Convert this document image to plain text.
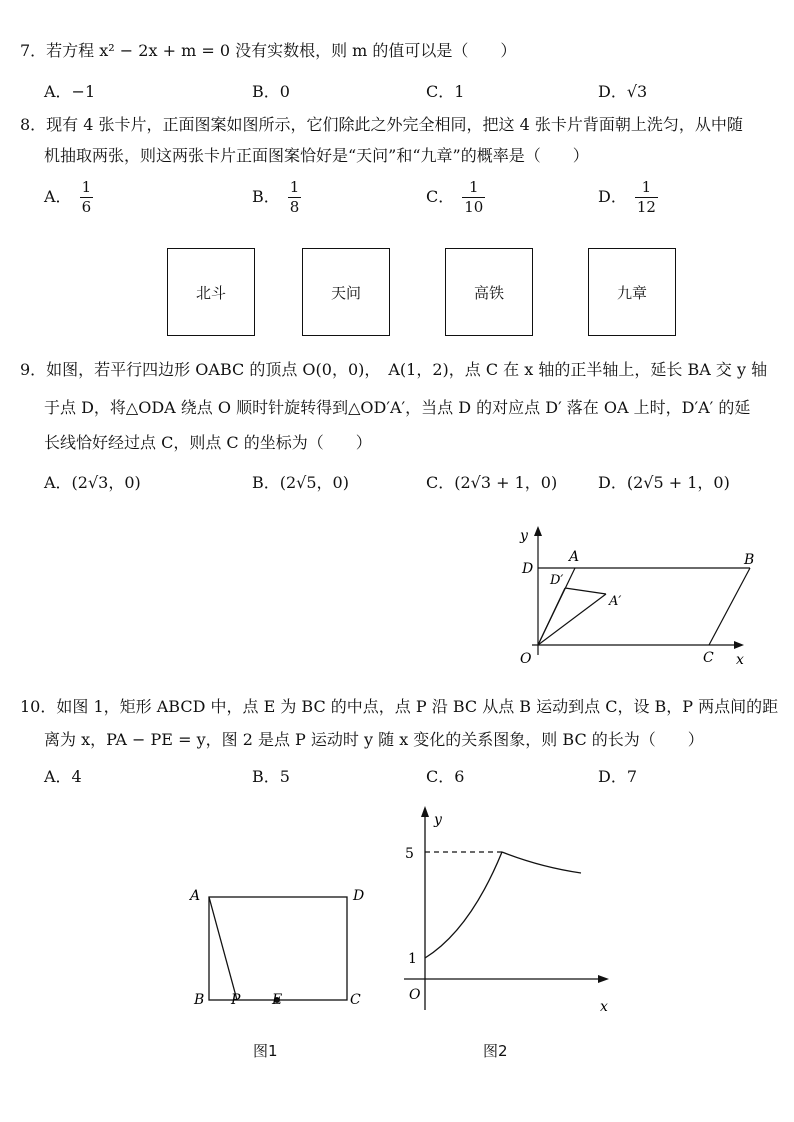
7．若方程 x² − 2x + m = 0 没有实数根，则 m 的值可以是（　　）
A．−1	B．0	C．1	D．√3
8．现有 4 张卡片，正面图案如图所示，它们除此之外完全相同，把这 4 张卡片背面朝上洗匀，从中随
机抽取两张，则这两张卡片正面图案恰好是“天问”和“九章”的概率是（　　）
A． $\frac{1}{6}$	B． $\frac{1}{8}$	C． $\frac{1}{10}$	D． $\frac{1}{12}$
北斗	天问	高铁	九章
9．如图，若平行四边形 OABC 的顶点 O(0，0)，　A(1，2)，点 C 在 x 轴的正半轴上，延长 BA 交 y 轴
于点 D，将△ODA 绕点 O 顺时针旋转得到△OD′A′，当点 D 的对应点 D′ 落在 OA 上时，D′A′ 的延
长线恰好经过点 C，则点 C 的坐标为（　　）
A．(2√3，0)	B．(2√5，0)	C．(2√3 + 1，0)	D．(2√5 + 1，0)
y
x
O
D
A
D′
A′
B
C
10．如图 1，矩形 ABCD 中，点 E 为 BC 的中点，点 P 沿 BC 从点 B 运动到点 C，设 B，P 两点间的距
离为 x，PA − PE = y，图 2 是点 P 运动时 y 随 x 变化的关系图象，则 BC 的长为（　　）
A．4	B．5	C．6	D．7
A	D
B P E	C
y
x
O
5
1
图1	图2
